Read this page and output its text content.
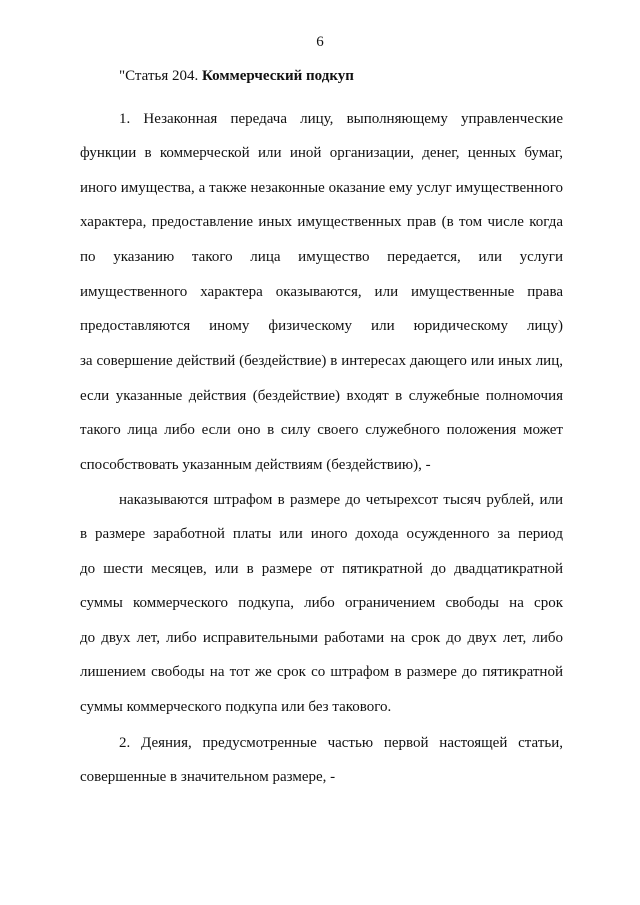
6
"Статья 204. Коммерческий подкуп
1. Незаконная передача лицу, выполняющему управленческие
функции в коммерческой или иной организации, денег, ценных бумаг,
иного имущества, а также незаконные оказание ему услуг имущественного
характера, предоставление иных имущественных прав (в том числе когда
по указанию такого лица имущество передается, или услуги
имущественного характера оказываются, или имущественные права
предоставляются иному физическому или юридическому лицу)
за совершение действий (бездействие) в интересах дающего или иных лиц,
если указанные действия (бездействие) входят в служебные полномочия
такого лица либо если оно в силу своего служебного положения может
способствовать указанным действиям (бездействию), -
наказываются штрафом в размере до четырехсот тысяч рублей, или
в размере заработной платы или иного дохода осужденного за период
до шести месяцев, или в размере от пятикратной до двадцатикратной
суммы коммерческого подкупа, либо ограничением свободы на срок
до двух лет, либо исправительными работами на срок до двух лет, либо
лишением свободы на тот же срок со штрафом в размере до пятикратной
суммы коммерческого подкупа или без такового.
2. Деяния, предусмотренные частью первой настоящей статьи,
совершенные в значительном размере, -
